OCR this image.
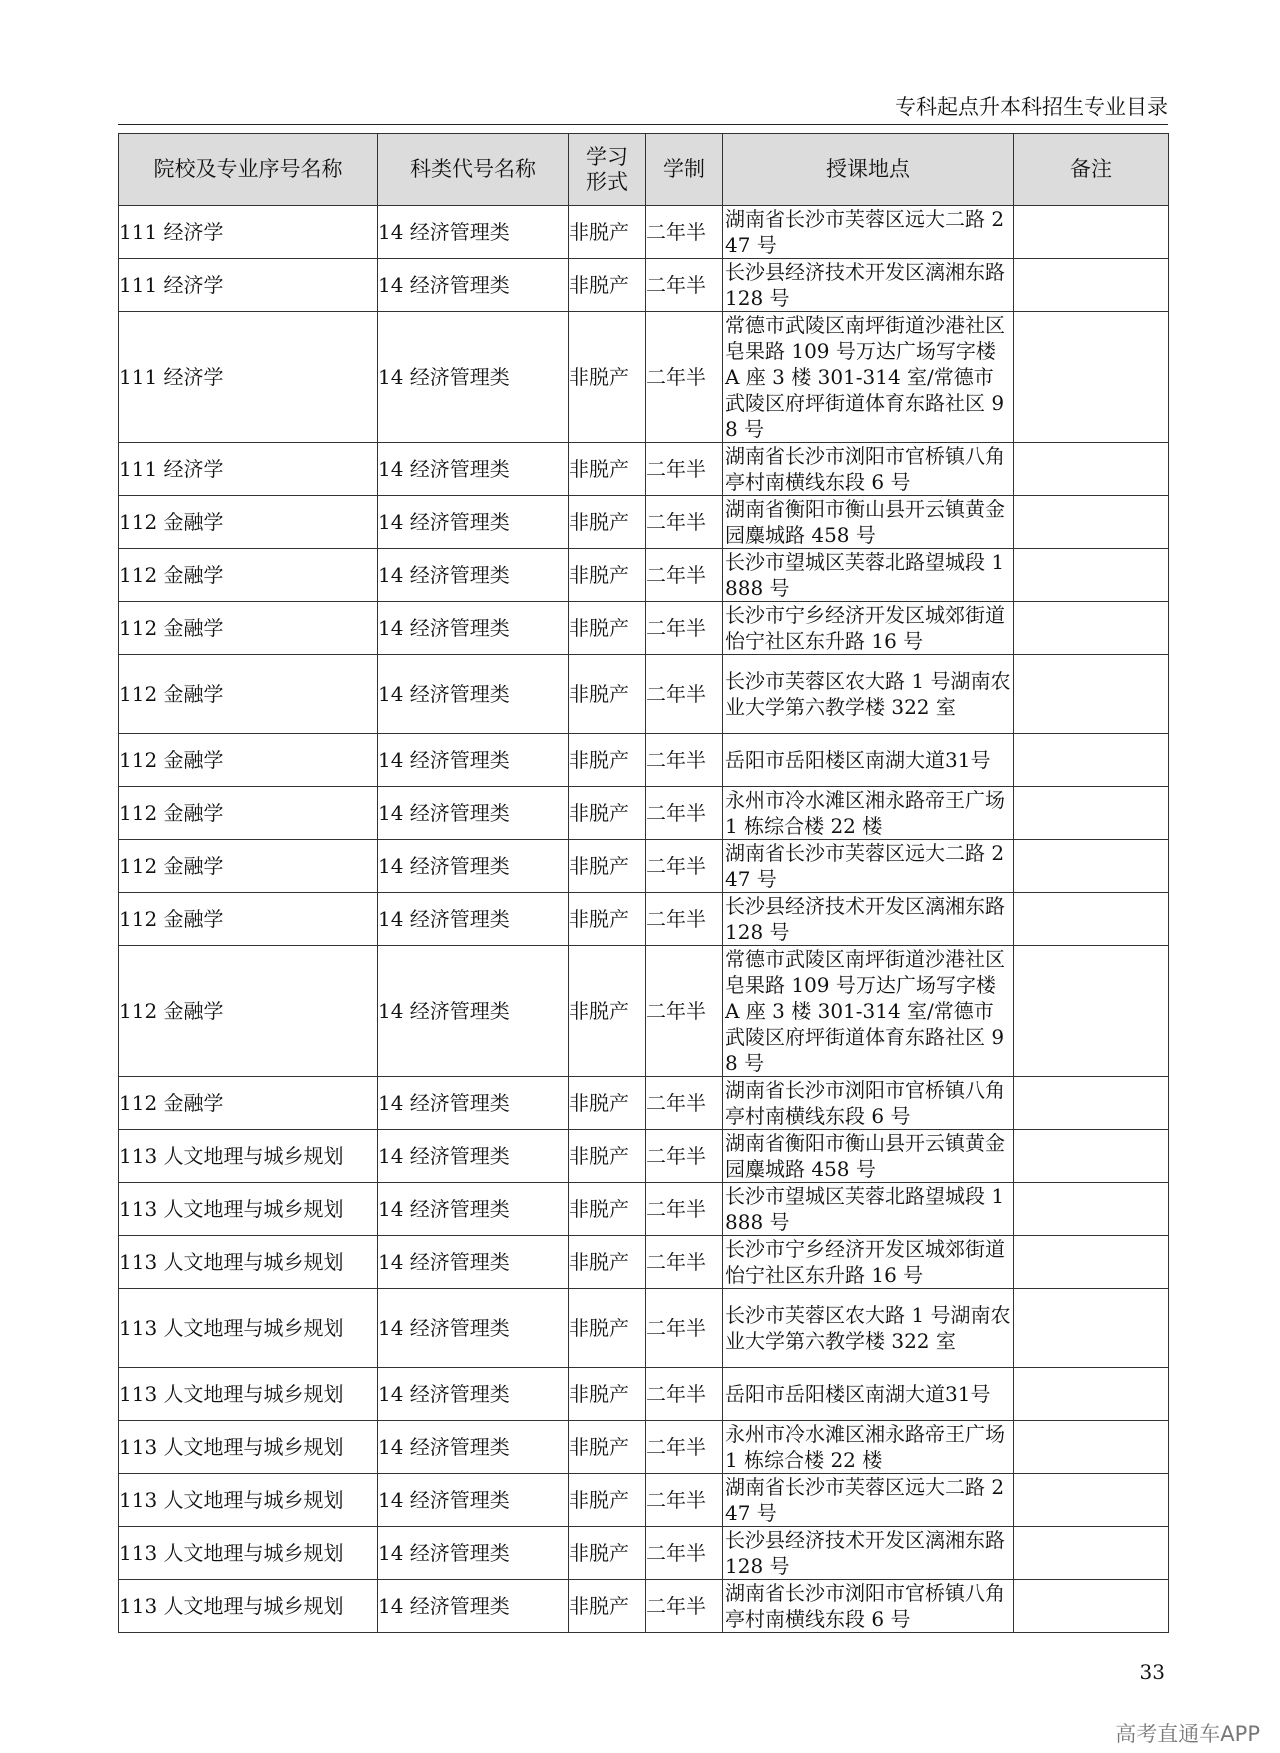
专科起点升本科招生专业目录
院校及专业序号名称	科类代号名称	学习形式	学制	授课地点	备注
111 经济学	14 经济管理类	非脱产	二年半	湖南省长沙市芙蓉区远大二路 247 号	
111 经济学	14 经济管理类	非脱产	二年半	长沙县经济技术开发区漓湘东路 128 号	
111 经济学	14 经济管理类	非脱产	二年半	常德市武陵区南坪街道沙港社区皂果路 109 号万达广场写字楼 A 座 3 楼 301-314 室/常德市武陵区府坪街道体育东路社区 98 号	
111 经济学	14 经济管理类	非脱产	二年半	湖南省长沙市浏阳市官桥镇八角亭村南横线东段 6 号	
112 金融学	14 经济管理类	非脱产	二年半	湖南省衡阳市衡山县开云镇黄金园麋城路 458 号	
112 金融学	14 经济管理类	非脱产	二年半	长沙市望城区芙蓉北路望城段 1888 号	
112 金融学	14 经济管理类	非脱产	二年半	长沙市宁乡经济开发区城郊街道怡宁社区东升路 16 号	
112 金融学	14 经济管理类	非脱产	二年半	长沙市芙蓉区农大路 1 号湖南农业大学第六教学楼 322 室	
112 金融学	14 经济管理类	非脱产	二年半	岳阳市岳阳楼区南湖大道31号	
112 金融学	14 经济管理类	非脱产	二年半	永州市冷水滩区湘永路帝王广场 1 栋综合楼 22 楼	
112 金融学	14 经济管理类	非脱产	二年半	湖南省长沙市芙蓉区远大二路 247 号	
112 金融学	14 经济管理类	非脱产	二年半	长沙县经济技术开发区漓湘东路 128 号	
112 金融学	14 经济管理类	非脱产	二年半	常德市武陵区南坪街道沙港社区皂果路 109 号万达广场写字楼 A 座 3 楼 301-314 室/常德市武陵区府坪街道体育东路社区 98 号	
112 金融学	14 经济管理类	非脱产	二年半	湖南省长沙市浏阳市官桥镇八角亭村南横线东段 6 号	
113 人文地理与城乡规划	14 经济管理类	非脱产	二年半	湖南省衡阳市衡山县开云镇黄金园麋城路 458 号	
113 人文地理与城乡规划	14 经济管理类	非脱产	二年半	长沙市望城区芙蓉北路望城段 1888 号	
113 人文地理与城乡规划	14 经济管理类	非脱产	二年半	长沙市宁乡经济开发区城郊街道怡宁社区东升路 16 号	
113 人文地理与城乡规划	14 经济管理类	非脱产	二年半	长沙市芙蓉区农大路 1 号湖南农业大学第六教学楼 322 室	
113 人文地理与城乡规划	14 经济管理类	非脱产	二年半	岳阳市岳阳楼区南湖大道31号	
113 人文地理与城乡规划	14 经济管理类	非脱产	二年半	永州市冷水滩区湘永路帝王广场 1 栋综合楼 22 楼	
113 人文地理与城乡规划	14 经济管理类	非脱产	二年半	湖南省长沙市芙蓉区远大二路 247 号	
113 人文地理与城乡规划	14 经济管理类	非脱产	二年半	长沙县经济技术开发区漓湘东路 128 号	
113 人文地理与城乡规划	14 经济管理类	非脱产	二年半	湖南省长沙市浏阳市官桥镇八角亭村南横线东段 6 号	
33
高考直通车APP
